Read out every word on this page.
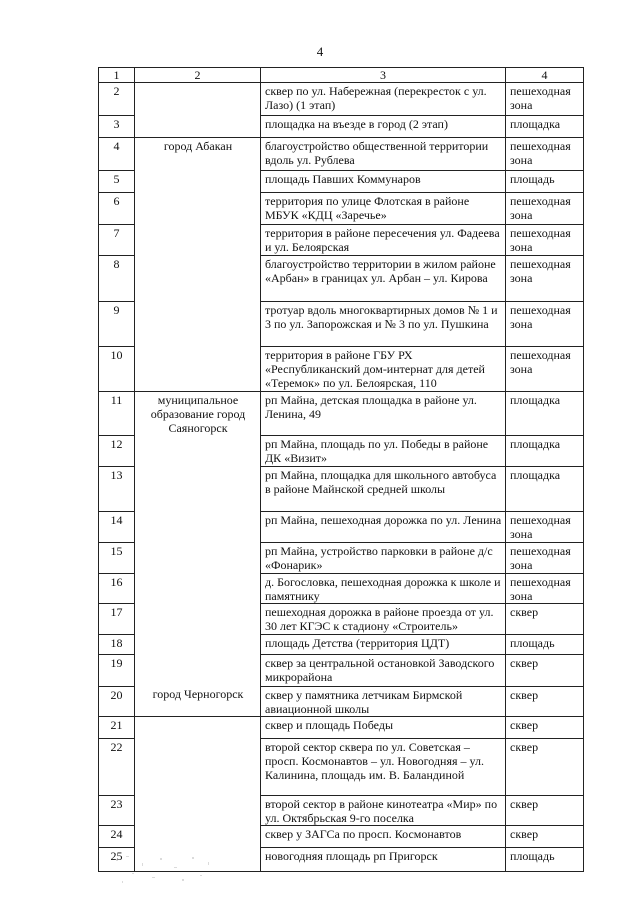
4
1	2	3	4
2		сквер по ул. Набережная (перекресток с ул. Лазо) (1 этап)	пешеходная зона
3		площадка на въезде в город (2 этап)	площадка
4	город Абакан	благоустройство общественной территории вдоль ул. Рублева	пешеходная зона
5		площадь Павших Коммунаров	площадь
6		территория по улице Флотская в районе МБУК «КДЦ «Заречье»	пешеходная зона
7		территория в районе пересечения ул. Фадеева и ул. Белоярская	пешеходная зона
8		благоустройство территории в жилом районе «Арбан» в границах ул. Арбан – ул. Кирова	пешеходная зона
9		тротуар вдоль многоквартирных домов № 1 и 3 по ул. Запорожская и № 3 по ул. Пушкина	пешеходная зона
10		территория в районе ГБУ РХ «Республиканский дом-интернат для детей «Теремок» по ул. Белоярская, 110	пешеходная зона
11	муниципальное образование город Саяногорск	рп Майна, детская площадка в районе ул. Ленина, 49	площадка
12		рп Майна, площадь по ул. Победы в районе ДК «Визит»	площадка
13		рп Майна, площадка для школьного автобуса в районе Майнской средней школы	площадка
14		рп Майна, пешеходная дорожка по ул. Ленина	пешеходная зона
15		рп Майна, устройство парковки в районе д/с «Фонарик»	пешеходная зона
16		д. Богословка, пешеходная дорожка к школе и памятнику	пешеходная зона
17		пешеходная дорожка в районе проезда от ул. 30 лет КГЭС к стадиону «Строитель»	сквер
18		площадь Детства (территория ЦДТ)	площадь
19		сквер за центральной остановкой Заводского микрорайона	сквер
20	город Черногорск	сквер у памятника летчикам Бирмской авиационной школы	сквер
21		сквер и площадь Победы	сквер
22		второй сектор сквера по ул. Советская – просп. Космонавтов – ул. Новогодняя – ул. Калинина, площадь им. В. Баландиной	сквер
23		второй сектор в районе кинотеатра «Мир» по ул. Октябрьская 9-го поселка	сквер
24		сквер у ЗАГСа по просп. Космонавтов	сквер
25		новогодняя площадь рп Пригорск	площадь
